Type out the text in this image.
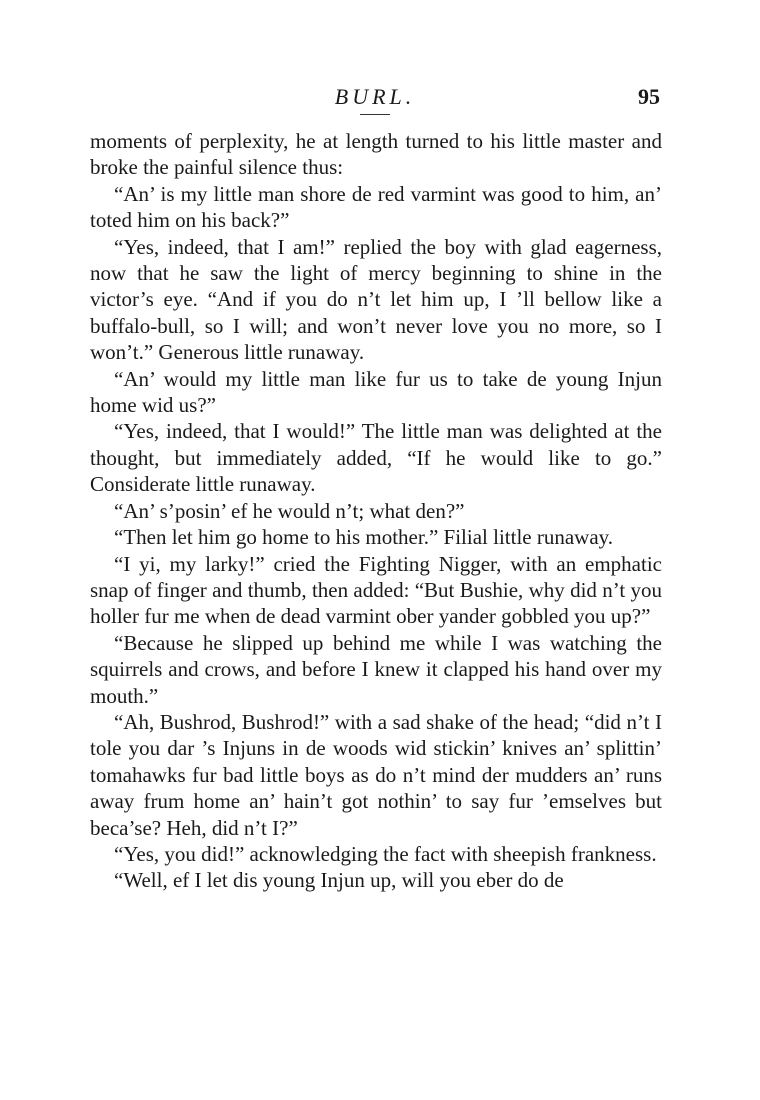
BURL.	95

moments of perplexity, he at length turned to his little master and broke the painful silence thus:

“An’ is my little man shore de red varmint was good to him, an’ toted him on his back?”

“Yes, indeed, that I am!” replied the boy with glad eagerness, now that he saw the light of mercy beginning to shine in the victor’s eye. “And if you do n’t let him up, I ’ll bellow like a buffalo-bull, so I will; and won’t never love you no more, so I won’t.” Generous little runaway.

“An’ would my little man like fur us to take de young Injun home wid us?”

“Yes, indeed, that I would!” The little man was delighted at the thought, but immediately added, “If he would like to go.” Considerate little runaway.

“An’ s’posin’ ef he would n’t; what den?”

“Then let him go home to his mother.” Filial little runaway.

“I yi, my larky!” cried the Fighting Nigger, with an emphatic snap of finger and thumb, then added: “But Bushie, why did n’t you holler fur me when de dead varmint ober yander gobbled you up?”

“Because he slipped up behind me while I was watching the squirrels and crows, and before I knew it clapped his hand over my mouth.”

“Ah, Bushrod, Bushrod!” with a sad shake of the head; “did n’t I tole you dar ’s Injuns in de woods wid stickin’ knives an’ splittin’ tomahawks fur bad little boys as do n’t mind der mudders an’ runs away frum home an’ hain’t got nothin’ to say fur ’emselves but beca’se? Heh, did n’t I?”

“Yes, you did!” acknowledging the fact with sheepish frankness.

“Well, ef I let dis young Injun up, will you eber do de
